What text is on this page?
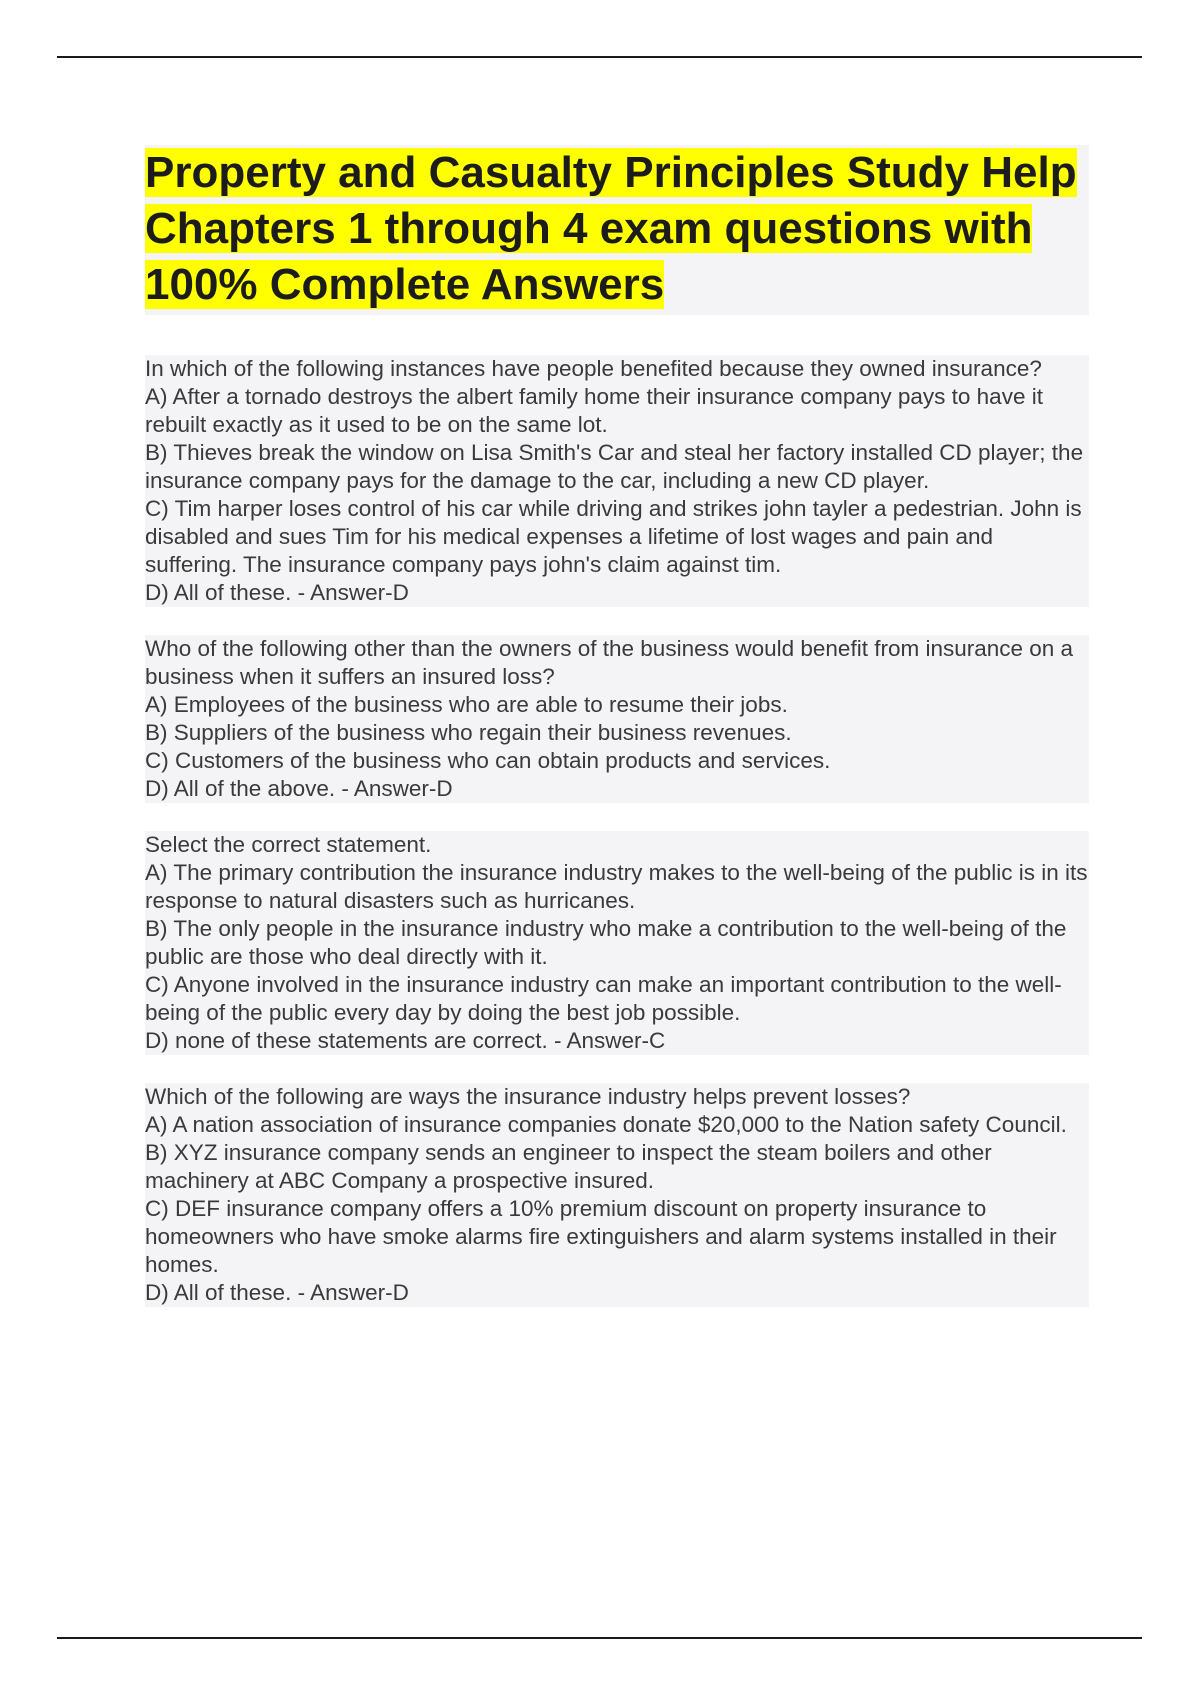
Property and Casualty Principles Study Help Chapters 1 through 4 exam questions with 100% Complete Answers

In which of the following instances have people benefited because they owned insurance?

A) After a tornado destroys the albert family home their insurance company pays to have it rebuilt exactly as it used to be on the same lot.

B) Thieves break the window on Lisa Smith's Car and steal her factory installed CD player; the insurance company pays for the damage to the car, including a new CD player.

C) Tim harper loses control of his car while driving and strikes john tayler a pedestrian. John is disabled and sues Tim for his medical expenses a lifetime of lost wages and pain and suffering. The insurance company pays john's claim against tim.

D) All of these. - Answer-D

Who of the following other than the owners of the business would benefit from insurance on a business when it suffers an insured loss?

A) Employees of the business who are able to resume their jobs.

B) Suppliers of the business who regain their business revenues.

C) Customers of the business who can obtain products and services.

D) All of the above. - Answer-D

Select the correct statement.

A) The primary contribution the insurance industry makes to the well-being of the public is in its response to natural disasters such as hurricanes.

B) The only people in the insurance industry who make a contribution to the well-being of the public are those who deal directly with it.

C) Anyone involved in the insurance industry can make an important contribution to the well-being of the public every day by doing the best job possible.

D) none of these statements are correct. - Answer-C

Which of the following are ways the insurance industry helps prevent losses?

A) A nation association of insurance companies donate $20,000 to the Nation safety Council.

B) XYZ insurance company sends an engineer to inspect the steam boilers and other machinery at ABC Company a prospective insured.

C) DEF insurance company offers a 10% premium discount on property insurance to homeowners who have smoke alarms fire extinguishers and alarm systems installed in their homes.

D) All of these. - Answer-D
